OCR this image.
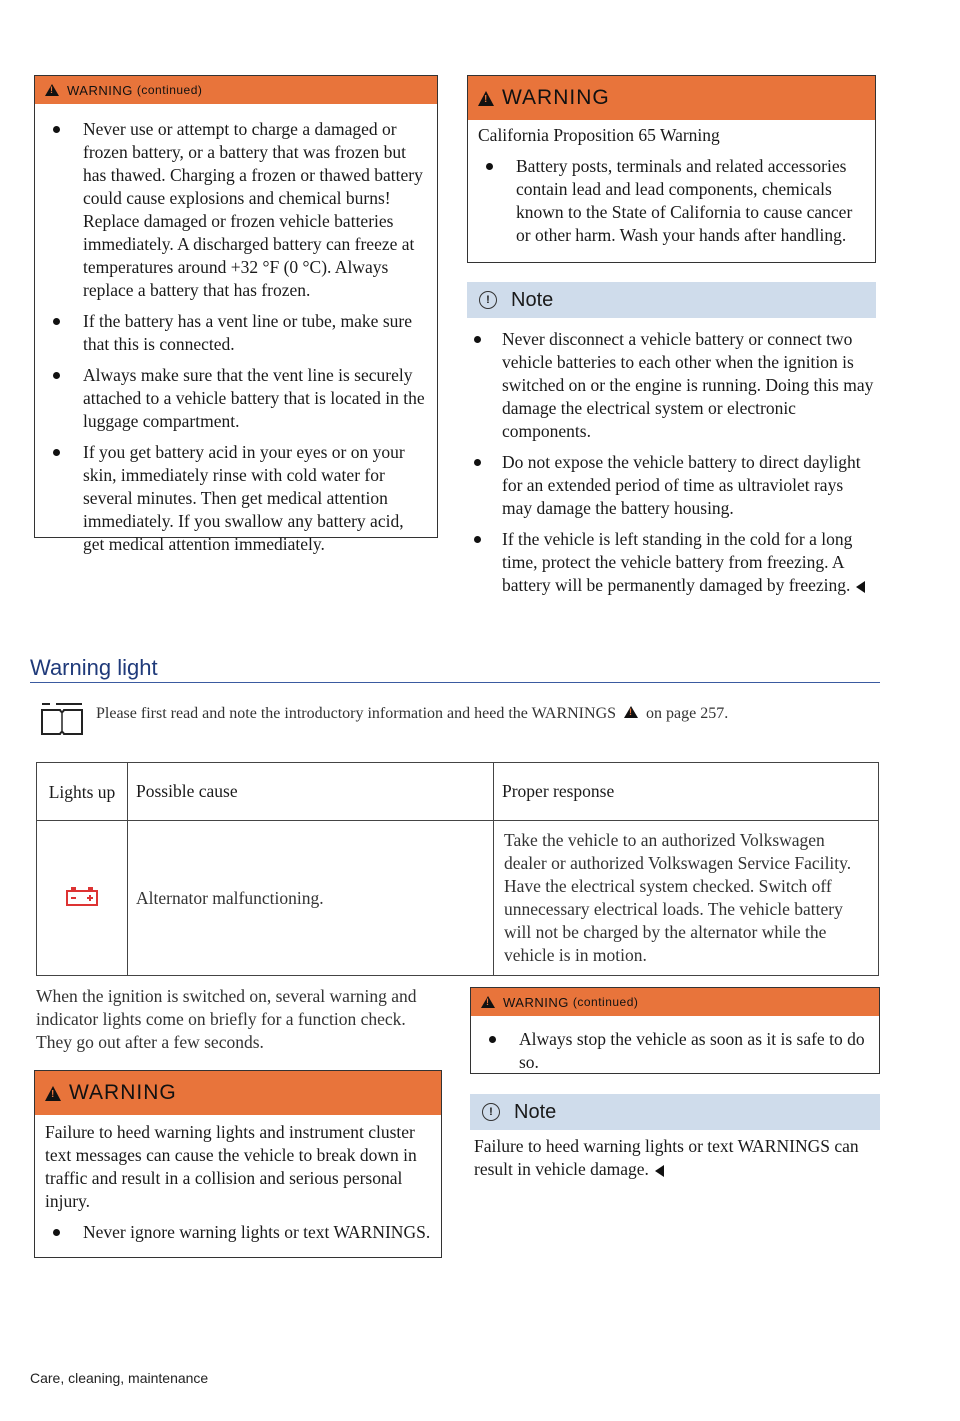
!
WARNING (continued)
Never use or attempt to charge a damaged or frozen battery, or a battery that was frozen but has thawed. Charging a frozen or thawed battery could cause explosions and chemical burns! Replace damaged or frozen vehicle batteries immediately. A discharged battery can freeze at temperatures around +32 °F (0 °C). Always replace a battery that has frozen.
If the battery has a vent line or tube, make sure that this is connected.
Always make sure that the vent line is securely attached to a vehicle battery that is located in the luggage compartment.
If you get battery acid in your eyes or on your skin, immediately rinse with cold water for several minutes. Then get medical attention immediately. If you swallow any battery acid, get medical attention immediately.
!
WARNING

California Proposition 65 Warning

Battery posts, terminals and related accessories contain lead and lead components, chemicals known to the State of California to cause cancer or other harm. Wash your hands after handling.
!	Note
Never disconnect a vehicle battery or connect two vehicle batteries to each other when the ignition is switched on or the engine is running. Doing this may damage the electrical system or electronic components.
Do not expose the vehicle battery to direct daylight for an extended period of time as ultraviolet rays may damage the battery housing.
If the vehicle is left standing in the cold for a long time, protect the vehicle battery from freezing. A battery will be permanently damaged by freezing.
Warning light
Please first read and note the introductory information and heed the WARNINGS ! on page 257.
Lights up	Possible cause	Proper response
	Alternator malfunctioning.	Take the vehicle to an authorized Volkswagen dealer or authorized Volkswagen Service Facility. Have the electrical system checked. Switch off unnecessary electrical loads. The vehicle battery will not be charged by the alternator while the vehicle is in motion.
When the ignition is switched on, several warning and indicator lights come on briefly for a function check. They go out after a few seconds.
!
WARNING

Failure to heed warning lights and instrument cluster text messages can cause the vehicle to break down in traffic and result in a collision and serious personal injury.

Never ignore warning lights or text WARNINGS.
!
WARNING (continued)
Always stop the vehicle as soon as it is safe to do so.
!	Note
Failure to heed warning lights or text WARNINGS can result in vehicle damage.
Care, cleaning, maintenance
